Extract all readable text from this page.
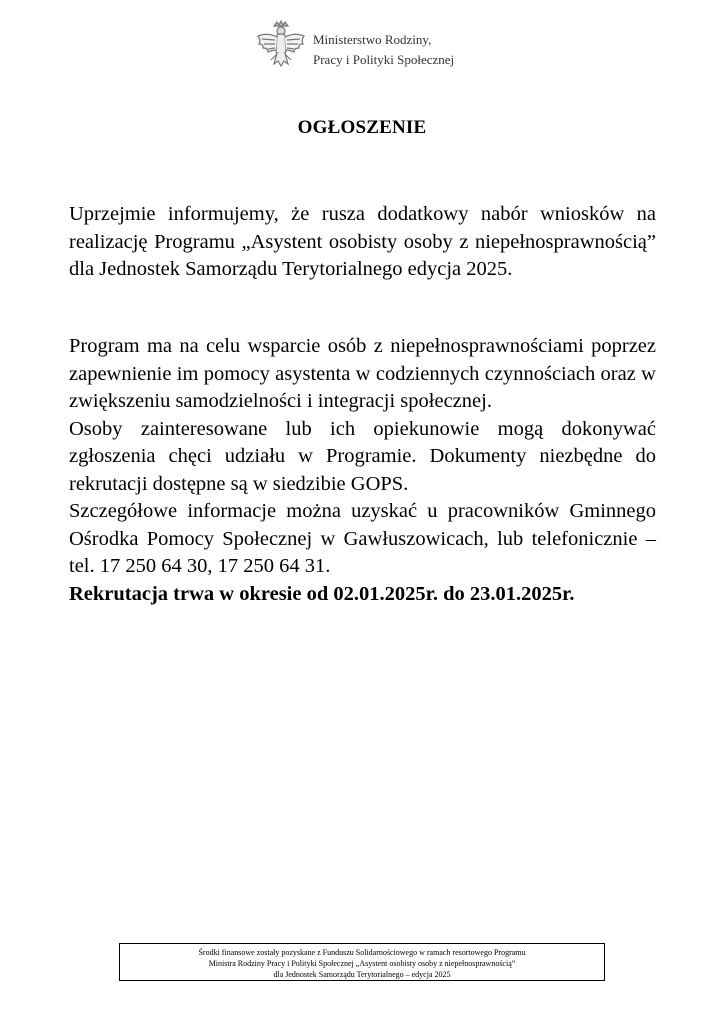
Ministerstwo Rodziny,
Pracy i Polityki Społecznej
OGŁOSZENIE

Uprzejmie informujemy, że rusza dodatkowy nabór wniosków na realizację Programu „Asystent osobisty osoby z niepełnosprawnością” dla Jednostek Samorządu Terytorialnego edycja 2025.

Program ma na celu wsparcie osób z niepełnosprawnościami poprzez zapewnienie im pomocy asystenta w codziennych czynnościach oraz w zwiększeniu samodzielności i integracji społecznej.

Osoby zainteresowane lub ich opiekunowie mogą dokonywać zgłoszenia chęci udziału w Programie. Dokumenty niezbędne do rekrutacji dostępne są w siedzibie GOPS.

Szczegółowe informacje można uzyskać u pracowników Gminnego Ośrodka Pomocy Społecznej w Gawłuszowicach, lub telefonicznie – tel. 17 250 64 30, 17 250 64 31.

Rekrutacja trwa w okresie od 02.01.2025r. do 23.01.2025r.

Środki finansowe zostały pozyskane z Funduszu Solidarnościowego w ramach resortowego Programu
Ministra Rodziny Pracy i Polityki Społecznej „Asystent osobisty osoby z niepełnosprawnością”
dla Jednostek Samorządu Terytorialnego – edycja 2025
